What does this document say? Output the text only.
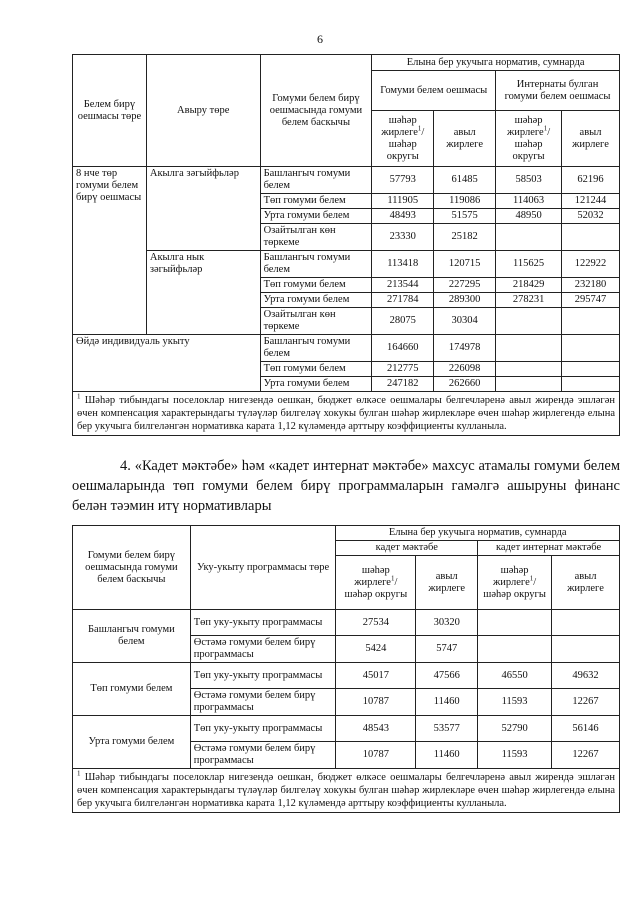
6
Белем бирү оешмасы төре	Авыру төре	Гомуми белем бирү оешмасында гомуми белем баскычы	Елына бер укучыга норматив, сумнарда			
			Гомуми белем оешмасы		Интернаты булган гомуми белем оешмасы	
			шәһәр жирлеге$^1$/ шәһәр округы	авыл жирлеге	шәһәр жирлеге$^1$/ шәһәр округы	авыл жирлеге
8 нче төр гомуми белем бирү оешмасы	Акылга зәгыйфьләр	Башлангыч гомуми белем	57793	61485	58503	62196
		Төп гомуми белем	111905	119086	114063	121244
		Урта гомуми белем	48493	51575	48950	52032
		Озайтылган көн төркеме	23330	25182		
	Акылга нык зәгыйфьләр	Башлангыч гомуми белем	113418	120715	115625	122922
		Төп гомуми белем	213544	227295	218429	232180
		Урта гомуми белем	271784	289300	278231	295747
		Озайтылган көн төркеме	28075	30304		
Өйдә индивидуаль укыту		Башлангыч гомуми белем	164660	174978		
		Төп гомуми белем	212775	226098		
		Урта гомуми белем	247182	262660		
$^1$ Шәһәр тибындагы поселоклар нигезендә оешкан, бюджет өлкәсе оешмалары белгечләренә авыл жирендә эшләгән өчен компенсация характерындагы түләүләр билгеләү хокукы булган шәһәр жирлекләре өчен шәһәр жирлегендә елына бер укучыга билгеләнгән нормативка карата 1,12 күләмендә арттыру коэффициенты кулланыла.						
4. «Кадет мәктәбе» һәм «кадет интернат мәктәбе» махсус атамалы гомуми белем оешмаларында төп гомуми белем бирү программаларын гамәлгә ашыруны финанс белән тәэмин итү нормативлары
Гомуми белем бирү оешмасында гомуми белем баскычы	Уку-укыту программасы төре	Елына бер укучыга норматив, сумнарда			
		кадет мәктәбе		кадет интернат мәктәбе	
		шәһәр жирлеге$^1$/ шәһәр округы	авыл жирлеге	шәһәр жирлеге$^1$/ шәһәр округы	авыл жирлеге
Башлангыч гомуми белем	Төп уку-укыту программасы	27534	30320		
	Өстәмә гомуми белем бирү программасы	5424	5747		
Төп гомуми белем	Төп уку-укыту программасы	45017	47566	46550	49632
	Өстәмә гомуми белем бирү программасы	10787	11460	11593	12267
Урта гомуми белем	Төп уку-укыту программасы	48543	53577	52790	56146
	Өстәмә гомуми белем бирү программасы	10787	11460	11593	12267
$^1$ Шәһәр тибындагы поселоклар нигезендә оешкан, бюджет өлкәсе оешмалары белгечләренә авыл жирендә эшләгән өчен компенсация характерындагы түләүләр билгеләү хокукы булган шәһәр жирлекләре өчен шәһәр жирлегендә елына бер укучыга билгеләнгән нормативка карата 1,12 күләмендә арттыру коэффициенты кулланыла.					
